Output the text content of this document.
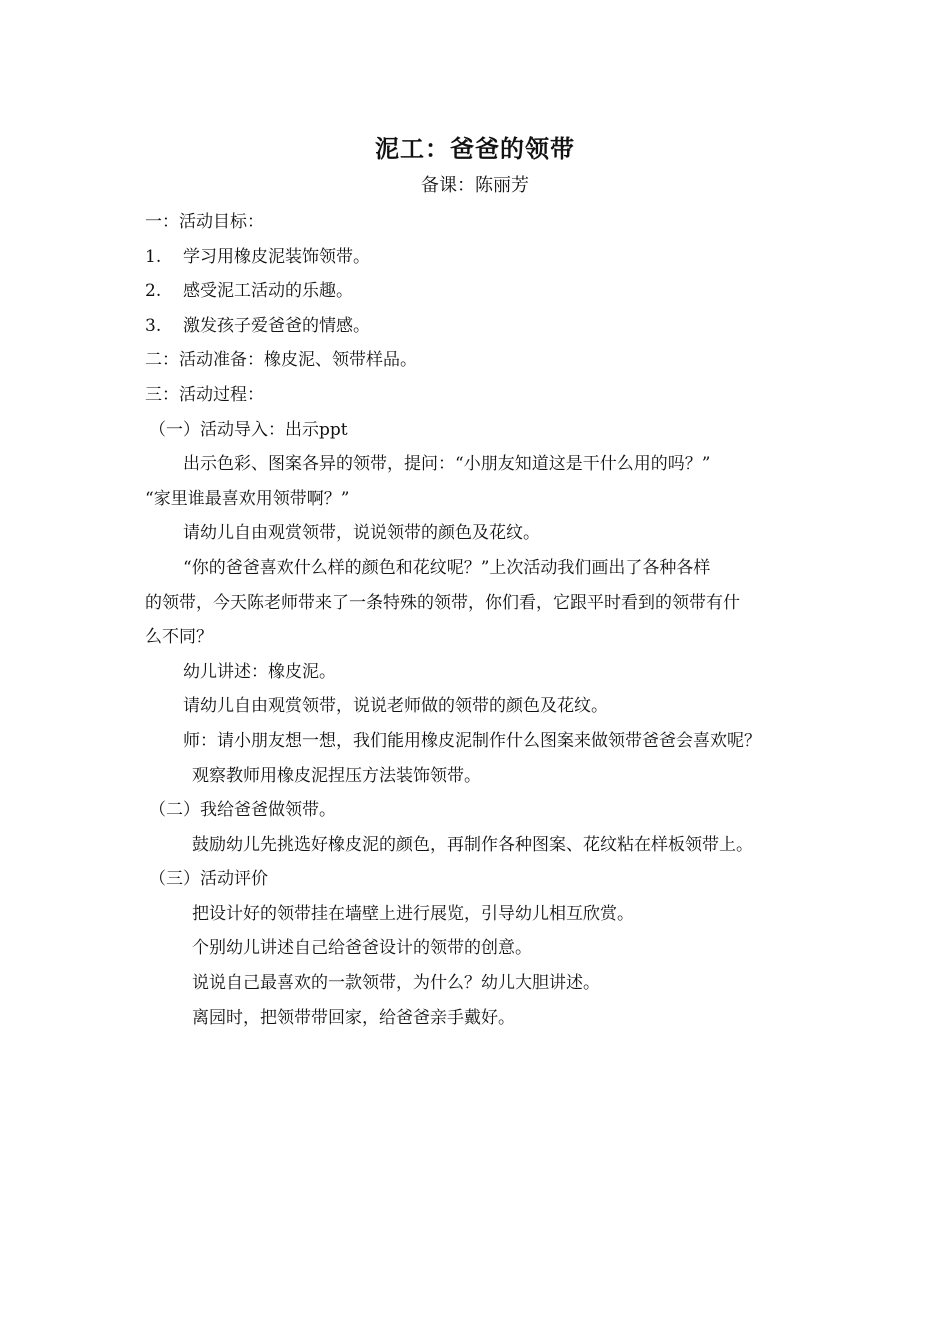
泥工：爸爸的领带
备课：陈丽芳
一：活动目标：
1. 学习用橡皮泥装饰领带。
2. 感受泥工活动的乐趣。
3. 激发孩子爱爸爸的情感。
二：活动准备：橡皮泥、领带样品。
三：活动过程：
（一）活动导入：出示ppt
出示色彩、图案各异的领带，提问：“小朋友知道这是干什么用的吗？”
“家里谁最喜欢用领带啊？”
请幼儿自由观赏领带，说说领带的颜色及花纹。
“你的爸爸喜欢什么样的颜色和花纹呢？”上次活动我们画出了各种各样
的领带，今天陈老师带来了一条特殊的领带，你们看，它跟平时看到的领带有什
么不同？
幼儿讲述：橡皮泥。
请幼儿自由观赏领带，说说老师做的领带的颜色及花纹。
师：请小朋友想一想，我们能用橡皮泥制作什么图案来做领带爸爸会喜欢呢？
观察教师用橡皮泥捏压方法装饰领带。
（二）我给爸爸做领带。
鼓励幼儿先挑选好橡皮泥的颜色，再制作各种图案、花纹粘在样板领带上。
（三）活动评价
把设计好的领带挂在墙壁上进行展览，引导幼儿相互欣赏。
个别幼儿讲述自己给爸爸设计的领带的创意。
说说自己最喜欢的一款领带，为什么？幼儿大胆讲述。
离园时，把领带带回家，给爸爸亲手戴好。
